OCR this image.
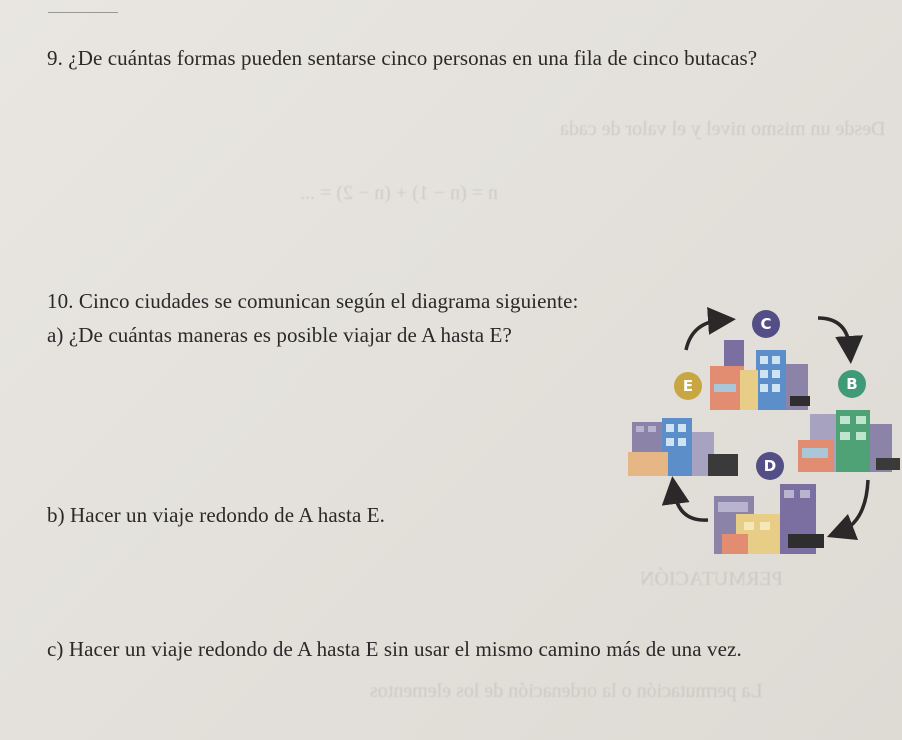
Desde un mismo nivel y el valor de cada
n = (n − 1) + (n − 2) = ...
PERMUTACIÓN
La permutación o la ordenación de los elementos
9. ¿De cuántas formas pueden sentarse cinco personas en una fila de cinco butacas?
10. Cinco ciudades se comunican según el diagrama siguiente:
a) ¿De cuántas maneras es posible viajar de A hasta E?
b) Hacer un viaje redondo de A hasta E.
c) Hacer un viaje redondo de A hasta E sin usar el mismo camino más de una vez.
C
E	B
D
